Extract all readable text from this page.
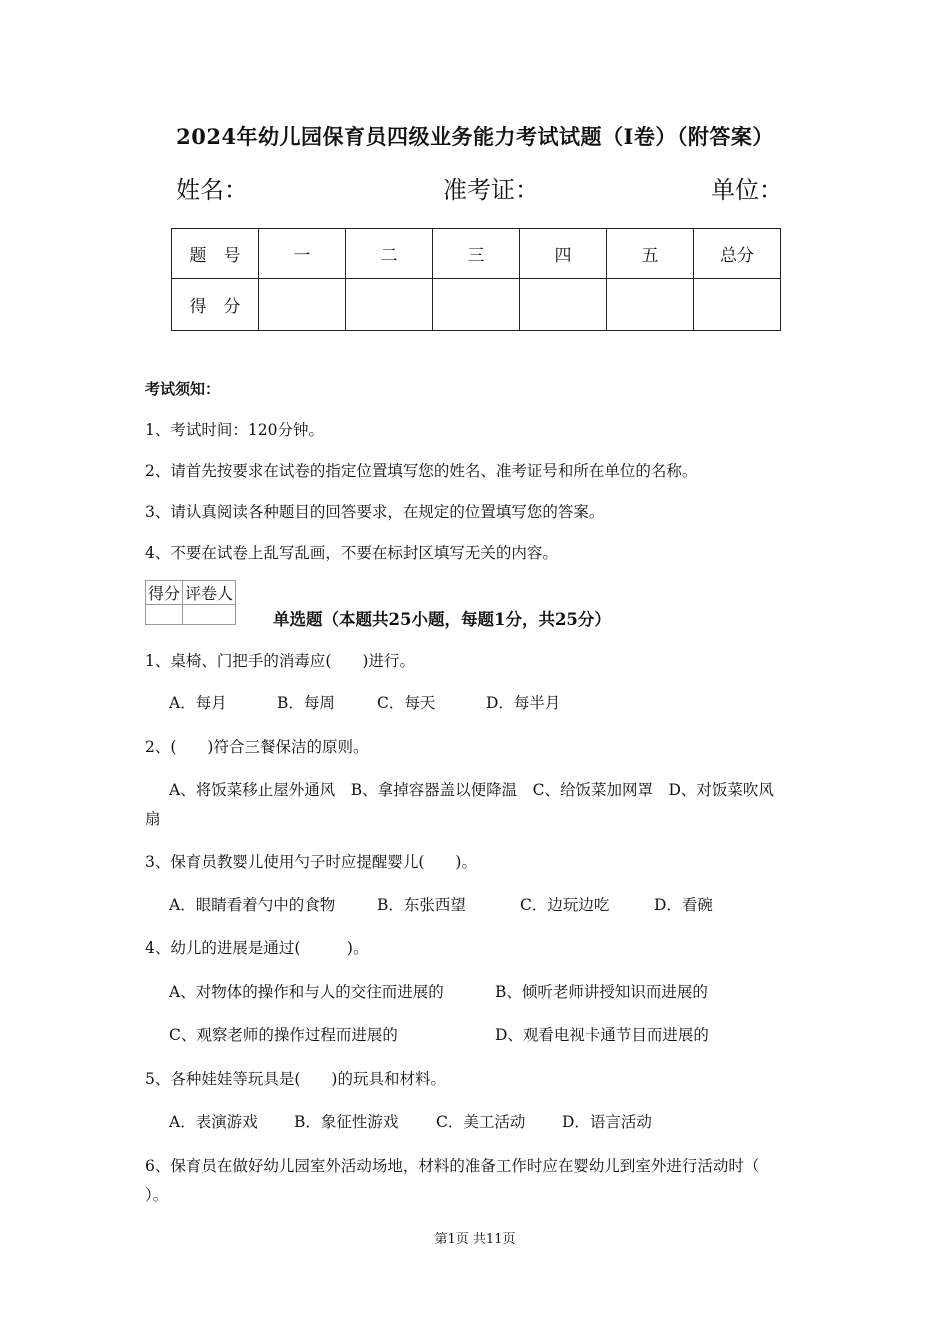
2024年幼儿园保育员四级业务能力考试试题（I卷）（附答案）
姓名：	准考证：	单位：
题　号	一	二	三	四	五	总分
得　分						
考试须知：
1、考试时间：120分钟。
2、请首先按要求在试卷的指定位置填写您的姓名、准考证号和所在单位的名称。
3、请认真阅读各种题目的回答要求，在规定的位置填写您的答案。
4、不要在试卷上乱写乱画，不要在标封区填写无关的内容。
得分	评卷人

单选题（本题共25小题，每题1分，共25分）
1、桌椅、门把手的消毒应(　　)进行。
A．每月	B．每周	C．每天	D．每半月
2、(　　)符合三餐保洁的原则。
A、将饭菜移止屋外通风　B、拿掉容器盖以便降温　C、给饭菜加网罩　D、对饭菜吹风
扇
3、保育员教婴儿使用勺子时应提醒婴儿(　　)。
A．眼睛看着勺中的食物	B．东张西望	C．边玩边吃	D．看碗
4、幼儿的进展是通过(　　　)。
A、对物体的操作和与人的交往而进展的	B、倾听老师讲授知识而进展的
C、观察老师的操作过程而进展的	D、观看电视卡通节目而进展的
5、各种娃娃等玩具是(　　)的玩具和材料。
A．表演游戏 B．象征性游戏 C．美工活动 D．语言活动
6、保育员在做好幼儿园室外活动场地，材料的准备工作时应在婴幼儿到室外进行活动时（
）。
第1页 共11页
